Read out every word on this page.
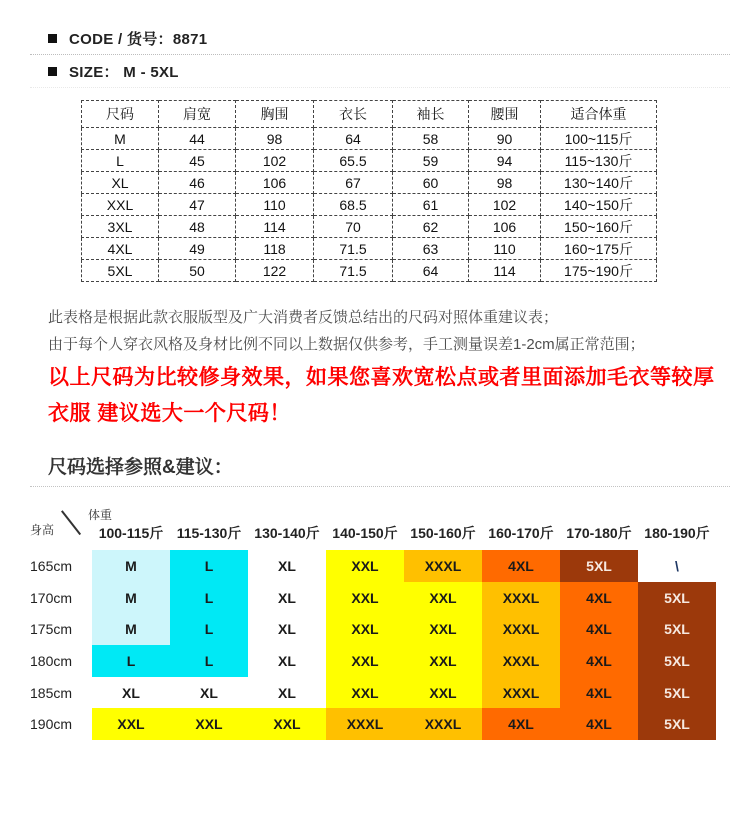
CODE / 货号：8871
SIZE： M - 5XL
尺码	肩宽	胸围	衣长	袖长	腰围	适合体重
M	44	98	64	58	90	100~115斤
L	45	102	65.5	59	94	115~130斤
XL	46	106	67	60	98	130~140斤
XXL	47	110	68.5	61	102	140~150斤
3XL	48	114	70	62	106	150~160斤
4XL	49	118	71.5	63	110	160~175斤
5XL	50	122	71.5	64	114	175~190斤
此表格是根据此款衣服版型及广大消费者反馈总结出的尺码对照体重建议表；
由于每个人穿衣风格及身材比例不同以上数据仅供参考，手工测量误差1-2cm属正常范围；
以上尺码为比较修身效果，如果您喜欢宽松点或者里面添加毛衣等较厚
衣服 建议选大一个尺码！
尺码选择参照&建议：
身高
体重
100-115斤 115-130斤 130-140斤 140-150斤 150-160斤 160-170斤 170-180斤 180-190斤
165cm	M	L	XL	XXL	XXXL	4XL	5XL	\
170cm	M	L	XL	XXL	XXL	XXXL	4XL	5XL
175cm	M	L	XL	XXL	XXL	XXXL	4XL	5XL
180cm	L	L	XL	XXL	XXL	XXXL	4XL	5XL
185cm	XL	XL	XL	XXL	XXL	XXXL	4XL	5XL
190cm	XXL	XXL	XXL	XXXL	XXXL	4XL	4XL	5XL
